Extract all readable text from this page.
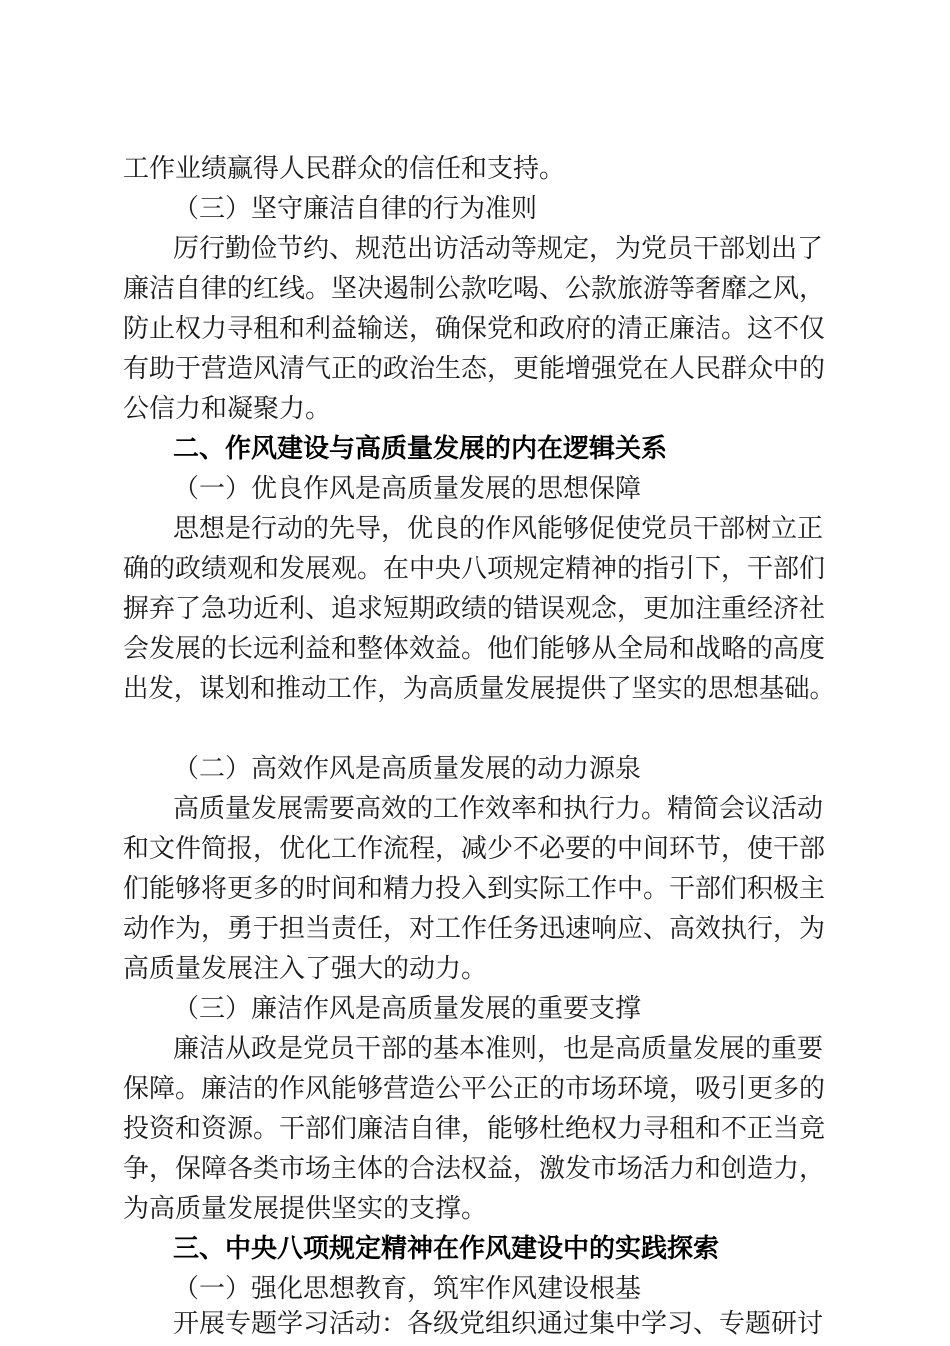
工作业绩赢得人民群众的信任和支持。
（三）坚守廉洁自律的行为准则
厉行勤俭节约、规范出访活动等规定，为党员干部划出了
廉洁自律的红线。坚决遏制公款吃喝、公款旅游等奢靡之风，
防止权力寻租和利益输送，确保党和政府的清正廉洁。这不仅
有助于营造风清气正的政治生态，更能增强党在人民群众中的
公信力和凝聚力。
二、作风建设与高质量发展的内在逻辑关系
（一）优良作风是高质量发展的思想保障
思想是行动的先导，优良的作风能够促使党员干部树立正
确的政绩观和发展观。在中央八项规定精神的指引下，干部们
摒弃了急功近利、追求短期政绩的错误观念，更加注重经济社
会发展的长远利益和整体效益。他们能够从全局和战略的高度
出发，谋划和推动工作，为高质量发展提供了坚实的思想基础。
（二）高效作风是高质量发展的动力源泉
高质量发展需要高效的工作效率和执行力。精简会议活动
和文件简报，优化工作流程，减少不必要的中间环节，使干部
们能够将更多的时间和精力投入到实际工作中。干部们积极主
动作为，勇于担当责任，对工作任务迅速响应、高效执行，为
高质量发展注入了强大的动力。
（三）廉洁作风是高质量发展的重要支撑
廉洁从政是党员干部的基本准则，也是高质量发展的重要
保障。廉洁的作风能够营造公平公正的市场环境，吸引更多的
投资和资源。干部们廉洁自律，能够杜绝权力寻租和不正当竞
争，保障各类市场主体的合法权益，激发市场活力和创造力，
为高质量发展提供坚实的支撑。
三、中央八项规定精神在作风建设中的实践探索
（一）强化思想教育，筑牢作风建设根基
开展专题学习活动：各级党组织通过集中学习、专题研讨
